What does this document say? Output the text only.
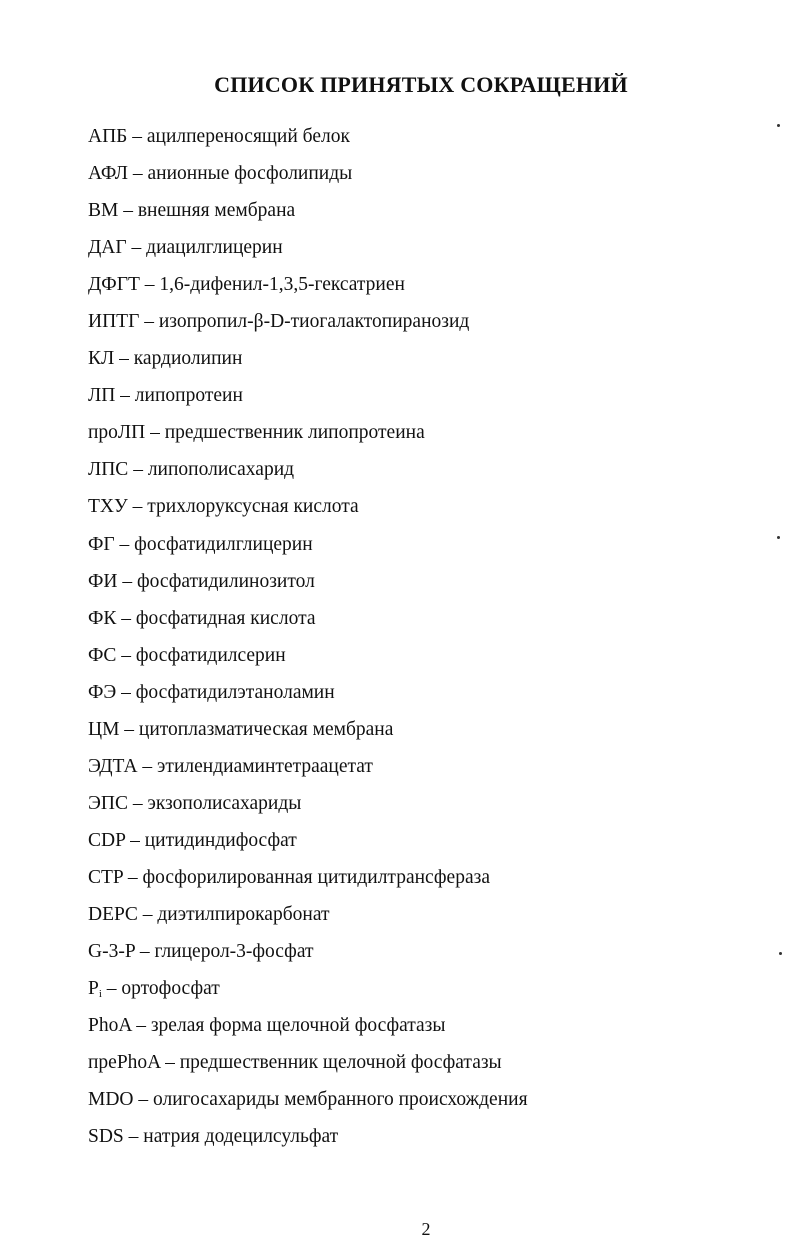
СПИСОК ПРИНЯТЫХ СОКРАЩЕНИЙ
АПБ – ацилпереносящий белок
АФЛ – анионные фосфолипиды
ВМ – внешняя мембрана
ДАГ – диацилглицерин
ДФГТ – 1,6-дифенил-1,3,5-гексатриен
ИПТГ – изопропил-β-D-тиогалактопиранозид
КЛ – кардиолипин
ЛП – липопротеин
проЛП – предшественник липопротеина
ЛПС – липополисахарид
ТХУ – трихлоруксусная кислота
ФГ – фосфатидилглицерин
ФИ – фосфатидилинозитол
ФК – фосфатидная кислота
ФС – фосфатидилсерин
ФЭ – фосфатидилэтаноламин
ЦМ – цитоплазматическая мембрана
ЭДТА – этилендиаминтетраацетат
ЭПС – экзополисахариды
CDP – цитидиндифосфат
CTP – фосфорилированная цитидилтрансфераза
DEPC – диэтилпирокарбонат
G-3-P – глицерол-3-фосфат
$P_i$ – ортофосфат
PhoA – зрелая форма щелочной фосфатазы
прePhoA – предшественник щелочной фосфатазы
MDO – олигосахариды мембранного происхождения
SDS – натрия додецилсульфат
2
